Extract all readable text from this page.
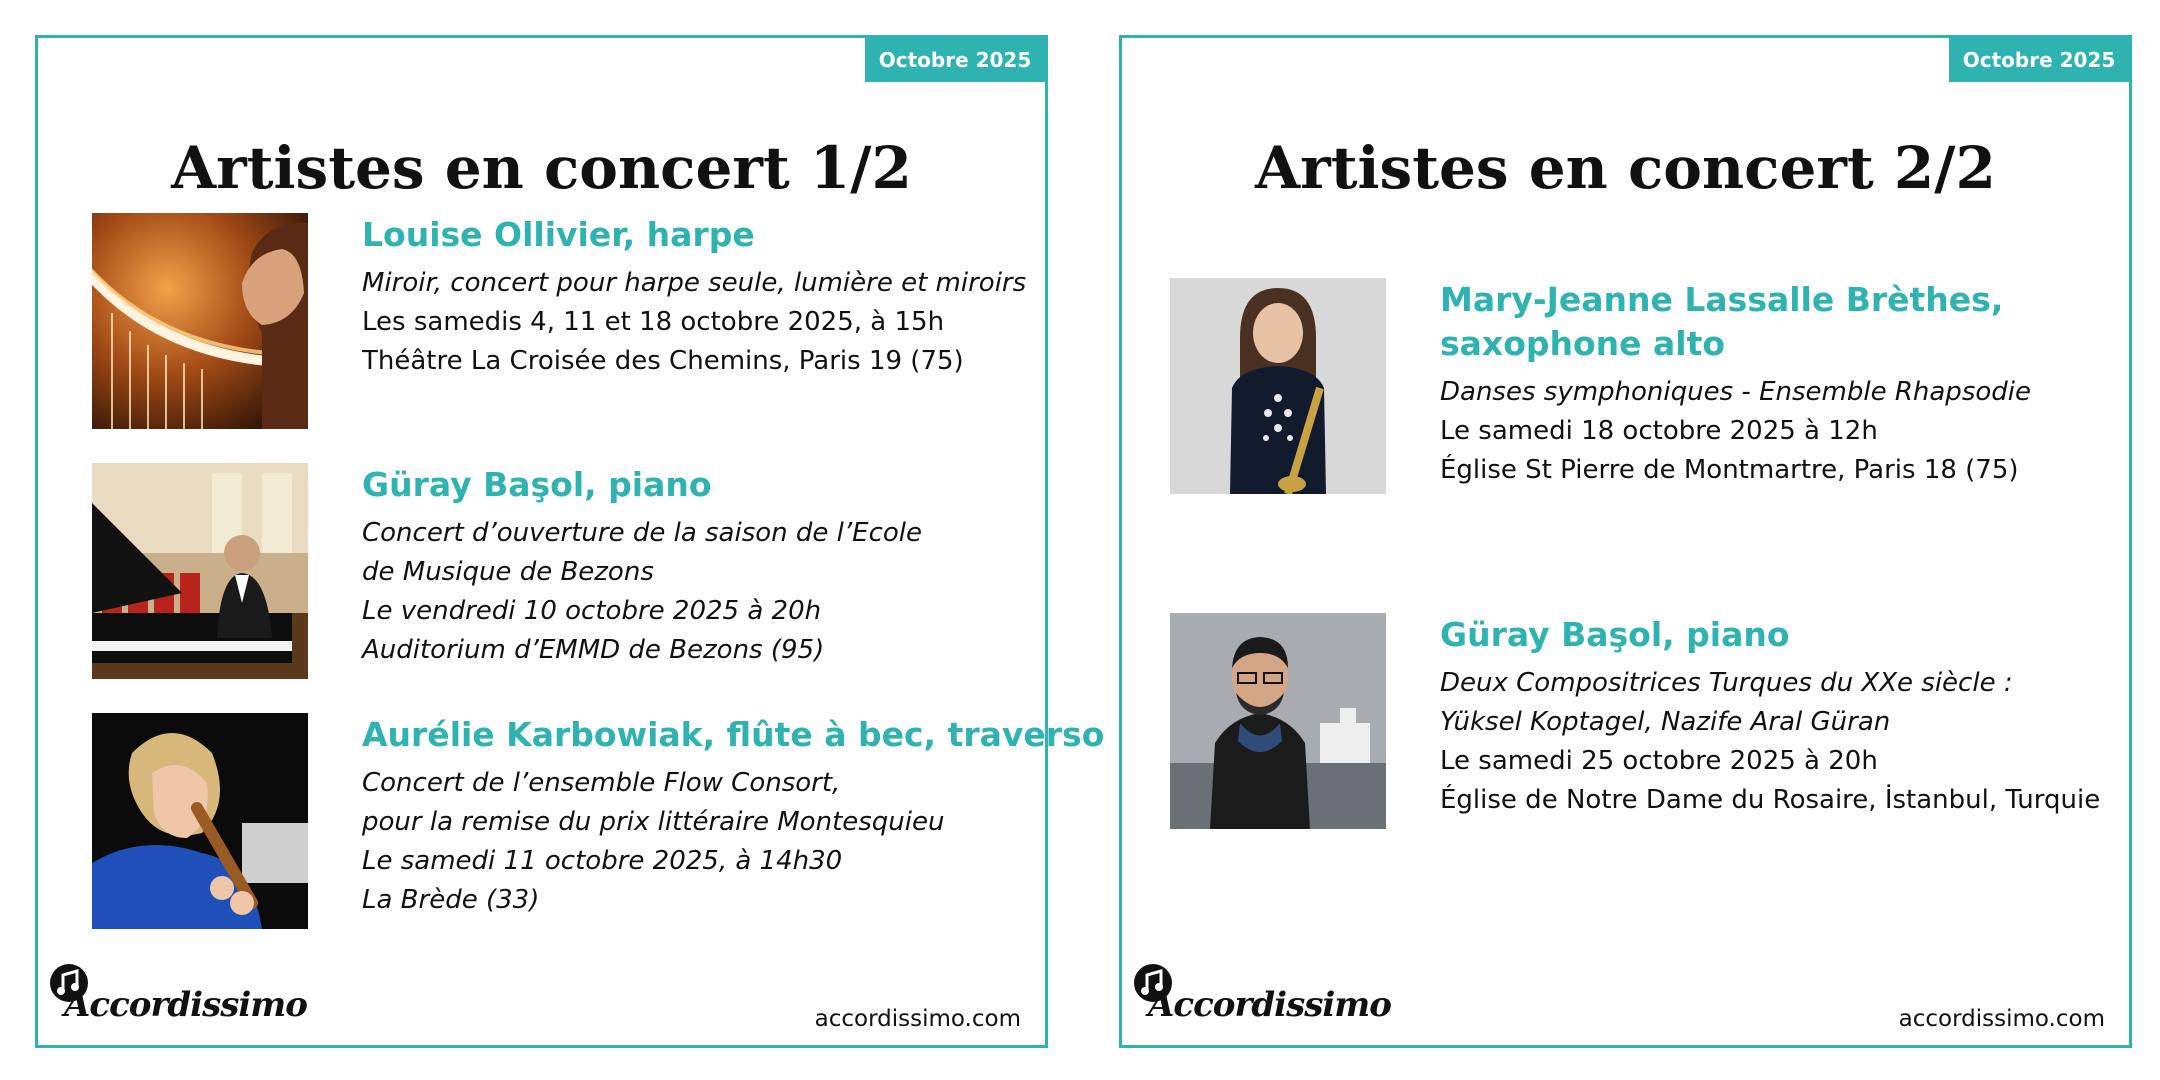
Octobre 2025
Artistes en concert 1/2

Louise Ollivier, harpe

Miroir, concert pour harpe seule, lumière et miroirs
Les samedis 4, 11 et 18 octobre 2025, à 15h
Théâtre La Croisée des Chemins, Paris 19 (75)

Güray Başol, piano

Concert d’ouverture de la saison de l’Ecole
de Musique de Bezons
Le vendredi 10 octobre 2025 à 20h
Auditorium d’EMMD de Bezons (95)

Aurélie Karbowiak, flûte à bec, traverso

Concert de l’ensemble Flow Consort,
pour la remise du prix littéraire Montesquieu
Le samedi 11 octobre 2025, à 14h30
La Brède (33)
Accordissimo	accordissimo.com
Octobre 2025
Artistes en concert 2/2

Mary-Jeanne Lassalle Brèthes,

saxophone alto

Danses symphoniques - Ensemble Rhapsodie
Le samedi 18 octobre 2025 à 12h
Église St Pierre de Montmartre, Paris 18 (75)

Güray Başol, piano

Deux Compositrices Turques du XXe siècle :
Yüksel Koptagel, Nazife Aral Güran
Le samedi 25 octobre 2025 à 20h
Église de Notre Dame du Rosaire, İstanbul, Turquie
Accordissimo	accordissimo.com
